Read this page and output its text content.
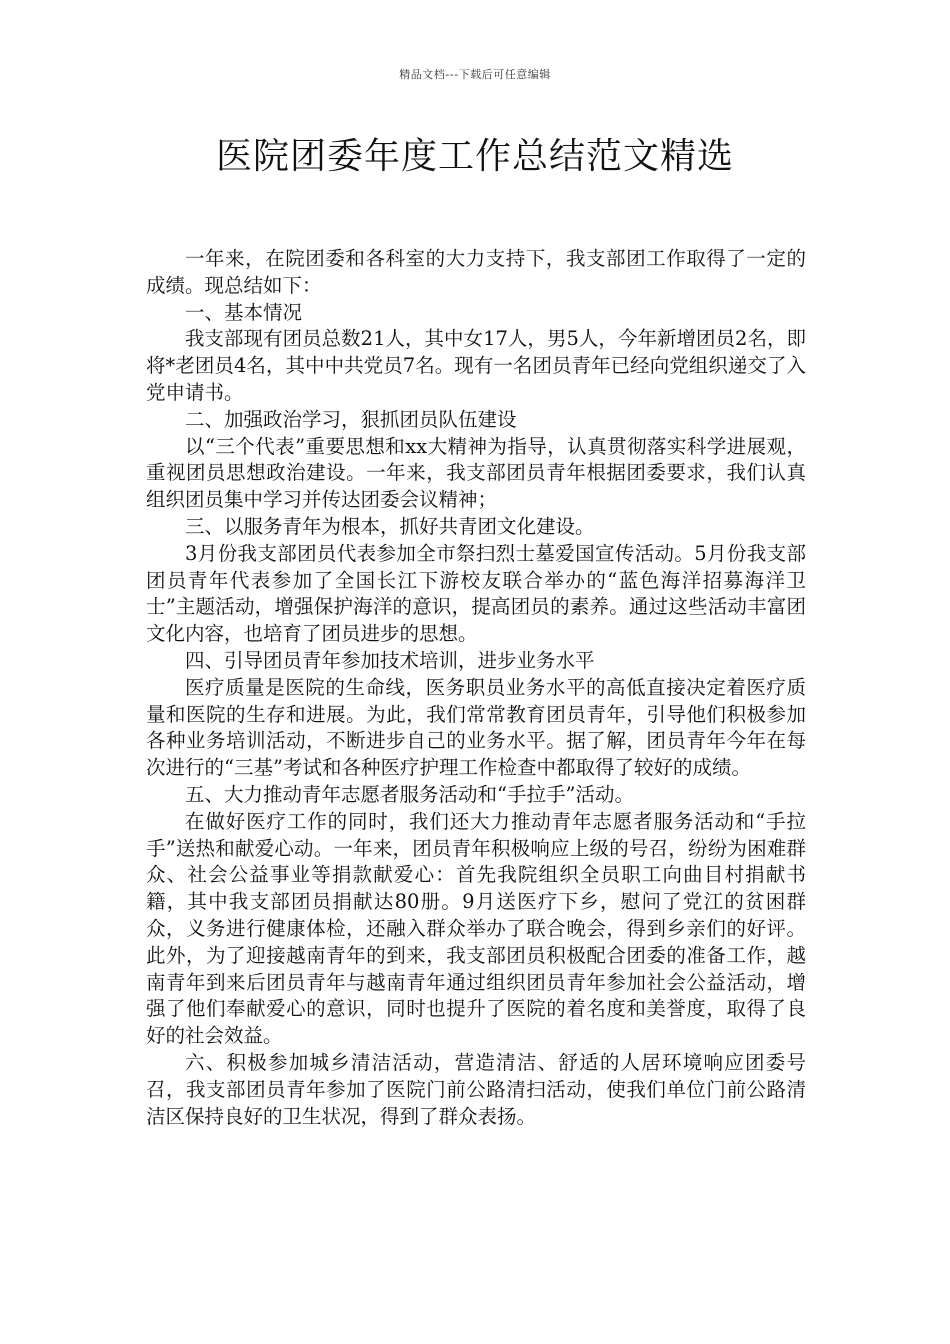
精品文档---下载后可任意编辑
医院团委年度工作总结范文精选

一年来，在院团委和各科室的大力支持下，我支部团工作取得了一定的成绩。现总结如下：

一、基本情况

我支部现有团员总数21人，其中女17人，男5人，今年新增团员2名，即将*老团员4名，其中中共党员7名。现有一名团员青年已经向党组织递交了入党申请书。

二、加强政治学习，狠抓团员队伍建设

以“三个代表”重要思想和xx大精神为指导，认真贯彻落实科学进展观，重视团员思想政治建设。一年来，我支部团员青年根据团委要求，我们认真组织团员集中学习并传达团委会议精神；

三、以服务青年为根本，抓好共青团文化建设。

3月份我支部团员代表参加全市祭扫烈士墓爱国宣传活动。5月份我支部团员青年代表参加了全国长江下游校友联合举办的“蓝色海洋招募海洋卫士”主题活动，增强保护海洋的意识，提高团员的素养。通过这些活动丰富团文化内容，也培育了团员进步的思想。

四、引导团员青年参加技术培训，进步业务水平

医疗质量是医院的生命线，医务职员业务水平的高低直接决定着医疗质量和医院的生存和进展。为此，我们常常教育团员青年，引导他们积极参加各种业务培训活动，不断进步自己的业务水平。据了解，团员青年今年在每次进行的“三基”考试和各种医疗护理工作检查中都取得了较好的成绩。

五、大力推动青年志愿者服务活动和“手拉手”活动。

在做好医疗工作的同时，我们还大力推动青年志愿者服务活动和“手拉手”送热和献爱心动。一年来，团员青年积极响应上级的号召，纷纷为困难群众、社会公益事业等捐款献爱心：首先我院组织全员职工向曲目村捐献书籍，其中我支部团员捐献达80册。9月送医疗下乡，慰问了党江的贫困群众，义务进行健康体检，还融入群众举办了联合晚会，得到乡亲们的好评。此外，为了迎接越南青年的到来，我支部团员积极配合团委的准备工作，越南青年到来后团员青年与越南青年通过组织团员青年参加社会公益活动，增强了他们奉献爱心的意识，同时也提升了医院的着名度和美誉度，取得了良好的社会效益。

六、积极参加城乡清洁活动，营造清洁、舒适的人居环境响应团委号召，我支部团员青年参加了医院门前公路清扫活动，使我们单位门前公路清洁区保持良好的卫生状况，得到了群众表扬。
